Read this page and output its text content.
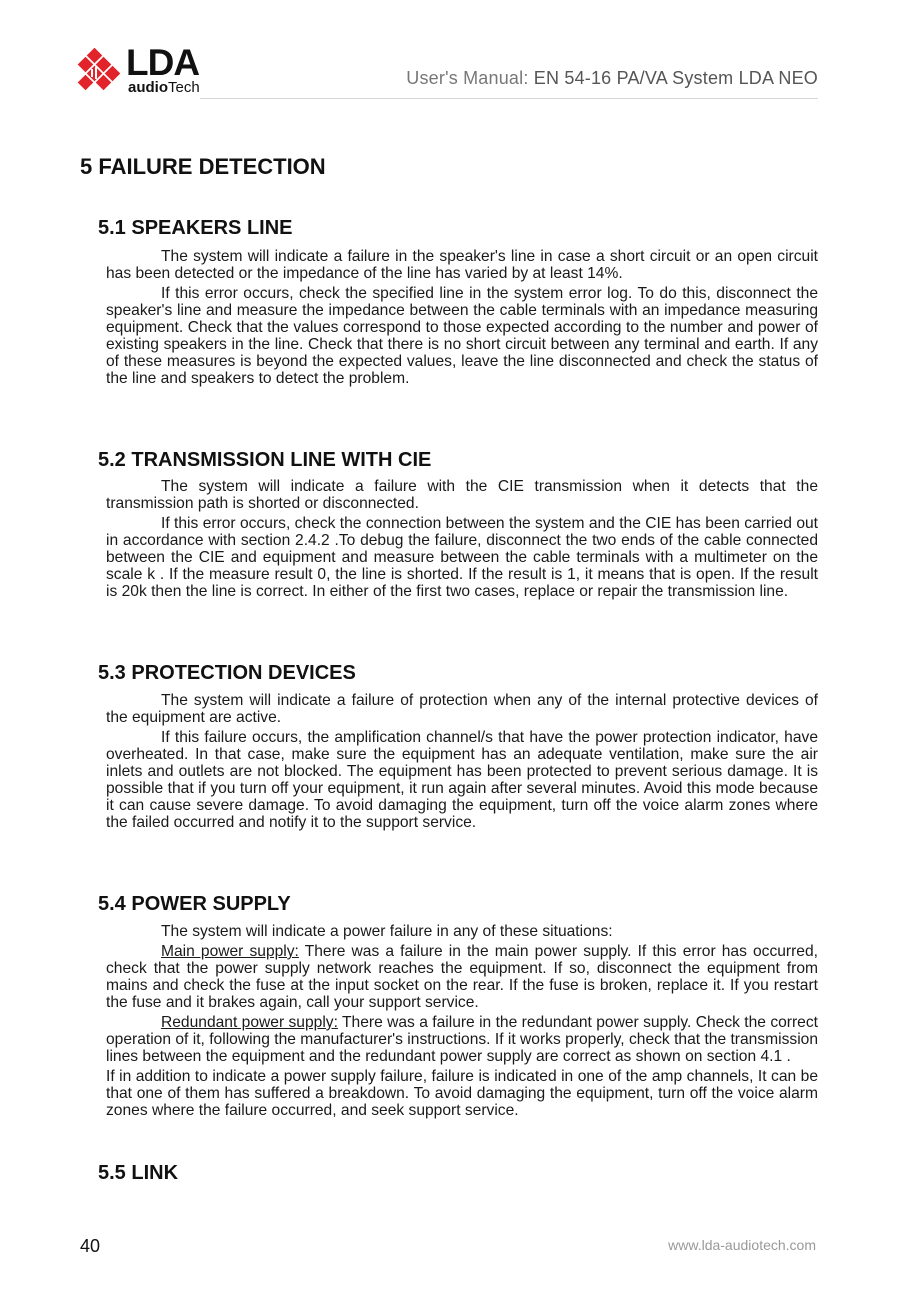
LDA
audioTech	User's Manual: EN 54-16 PA/VA System LDA NEO
5 FAILURE DETECTION
5.1 SPEAKERS LINE

The system will indicate a failure in the speaker's line in case a short circuit or an open circuit has been detected or the impedance of the line has varied by at least 14%.

If this error occurs, check the speciﬁed line in the system error log. To do this, disconnect the speaker's line and measure the impedance between the cable terminals with an impedance measuring equipment. Check that the values correspond to those expected according to the number and power of existing speakers in the line. Check that there is no short circuit between any terminal and earth. If any of these measures is beyond the expected values, leave the line disconnected and check the status of the line and speakers to detect the problem.

5.2 TRANSMISSION LINE WITH CIE

The system will indicate a failure with the CIE transmission when it detects that the transmission path is shorted or disconnected.

If this error occurs, check the connection between the system and the CIE has been carried out in accordance with section 2.4.2 .To debug the failure, disconnect the two ends of the cable connected between the CIE and equipment and measure between the cable terminals with a multimeter on the scale k . If the measure result 0, the line is shorted. If the result is 1, it means that is open. If the result is 20k then the line is correct. In either of the first two cases, replace or repair the transmission line.

5.3 PROTECTION DEVICES

The system will indicate a failure of protection when any of the internal protective devices of the equipment are active.

If this failure occurs, the ampliﬁcation channel/s that have the power protection indicator, have overheated. In that case, make sure the equipment has an adequate ventilation, make sure the air inlets and outlets are not blocked. The equipment has been protected to prevent serious damage. It is possible that if you turn off your equipment, it run again after several minutes. Avoid this mode because it can cause severe damage. To avoid damaging the equipment, turn off the voice alarm zones where the failed occurred and notify it to the support service.

5.4 POWER SUPPLY

The system will indicate a power failure in any of these situations:

Main power supply: There was a failure in the main power supply. If this error has occurred, check that the power supply network reaches the equipment. If so, disconnect the equipment from mains and check the fuse at the input socket on the rear. If the fuse is broken, replace it. If you restart the fuse and it brakes again, call your support service.

Redundant power supply: There was a failure in the redundant power supply. Check the correct operation of it, following the manufacturer's instructions. If it works properly, check that the transmission lines between the equipment and the redundant power supply are correct as shown on section 4.1 .

If in addition to indicate a power supply failure, failure is indicated in one of the amp channels, It can be that one of them has suffered a breakdown. To avoid damaging the equipment, turn off the voice alarm zones where the failure occurred, and seek support service.

5.5 LINK
40	www.lda-audiotech.com
